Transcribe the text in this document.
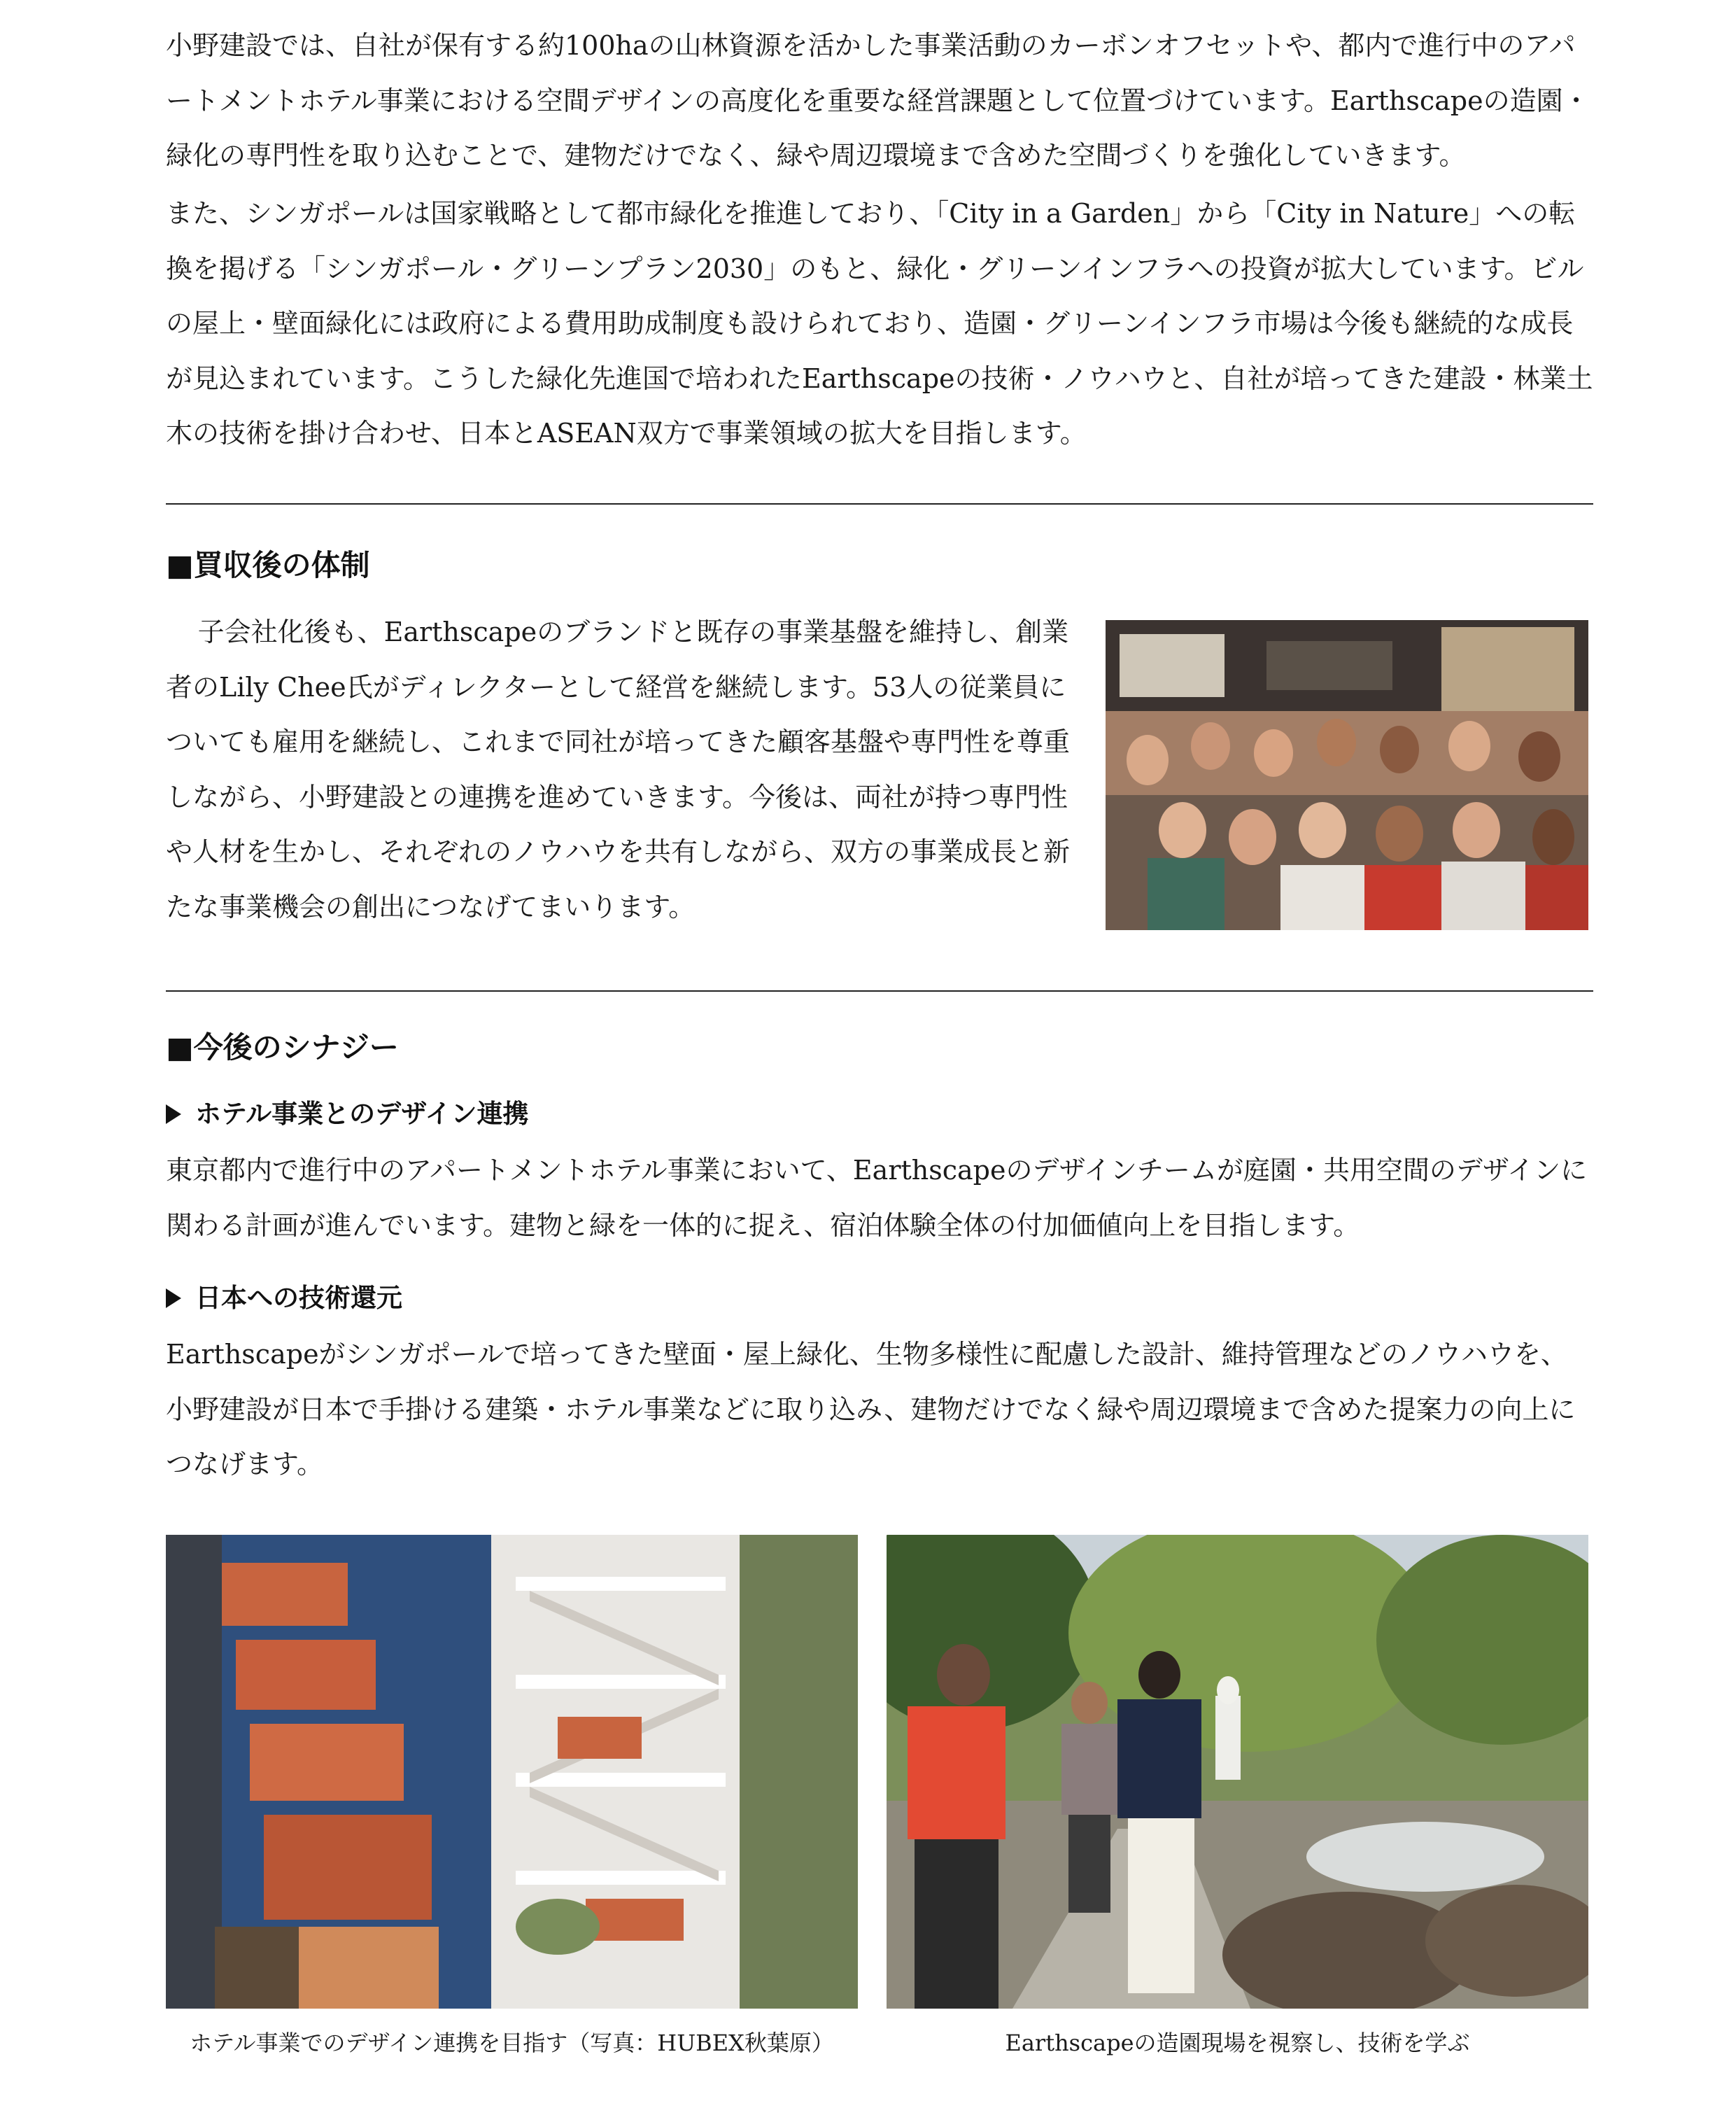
小野建設では、自社が保有する約100haの山林資源を活かした事業活動のカーボンオフセットや、都内で進行中のアパートメントホテル事業における空間デザインの高度化を重要な経営課題として位置づけています。Earthscapeの造園・緑化の専門性を取り込むことで、建物だけでなく、緑や周辺環境まで含めた空間づくりを強化していきます。

また、シンガポールは国家戦略として都市緑化を推進しており、「City in a Garden」から「City in Nature」への転換を掲げる「シンガポール・グリーンプラン2030」のもと、緑化・グリーンインフラへの投資が拡大しています。ビルの屋上・壁面緑化には政府による費用助成制度も設けられており、造園・グリーンインフラ市場は今後も継続的な成長が見込まれています。こうした緑化先進国で培われたEarthscapeの技術・ノウハウと、自社が培ってきた建設・林業土木の技術を掛け合わせ、日本とASEAN双方で事業領域の拡大を目指します。

■買収後の体制

子会社化後も、Earthscapeのブランドと既存の事業基盤を維持し、創業者のLily Chee氏がディレクターとして経営を継続します。53人の従業員についても雇用を継続し、これまで同社が培ってきた顧客基盤や専門性を尊重しながら、小野建設との連携を進めていきます。今後は、両社が持つ専門性や人材を生かし、それぞれのノウハウを共有しながら、双方の事業成長と新たな事業機会の創出につなげてまいります。

■今後のシナジー
ホテル事業とのデザイン連携

東京都内で進行中のアパートメントホテル事業において、Earthscapeのデザインチームが庭園・共用空間のデザインに関わる計画が進んでいます。建物と緑を一体的に捉え、宿泊体験全体の付加価値向上を目指します。

日本への技術還元

Earthscapeがシンガポールで培ってきた壁面・屋上緑化、生物多様性に配慮した設計、維持管理などのノウハウを、小野建設が日本で手掛ける建築・ホテル事業などに取り込み、建物だけでなく緑や周辺環境まで含めた提案力の向上につなげます。

ホテル事業でのデザイン連携を目指す（写真：HUBEX秋葉原）	Earthscapeの造園現場を視察し、技術を学ぶ
